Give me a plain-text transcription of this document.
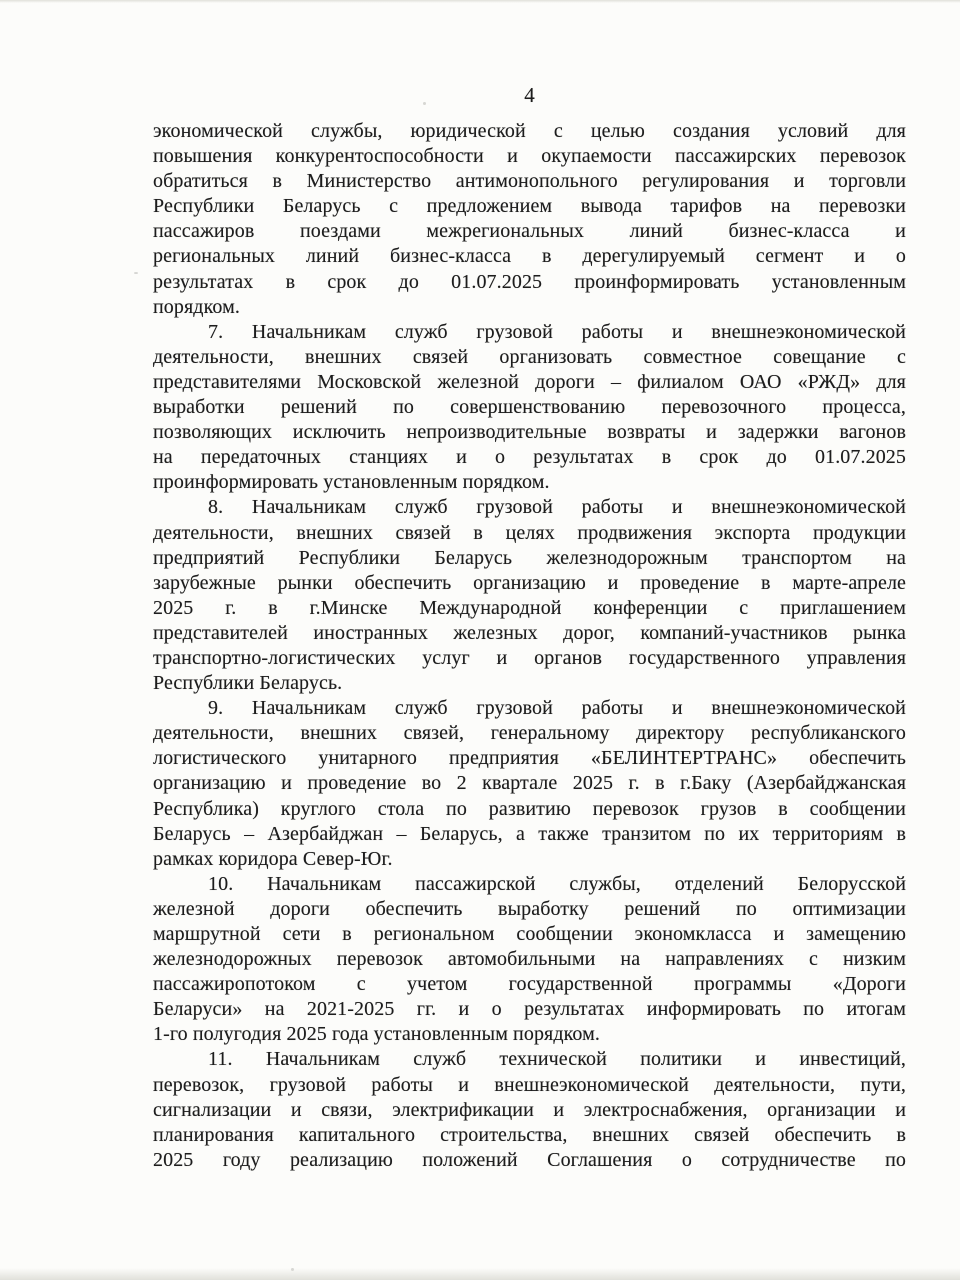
4
экономической службы, юридической с целью создания условий для
повышения конкурентоспособности и окупаемости пассажирских перевозок
обратиться в Министерство антимонопольного регулирования и торговли
Республики Беларусь с предложением вывода тарифов на перевозки
пассажиров поездами межрегиональных линий бизнес-класса и
региональных линий бизнес-класса в дерегулируемый сегмент и о
результатах в срок до 01.07.2025 проинформировать установленным
порядком.
7. Начальникам служб грузовой работы и внешнеэкономической
деятельности, внешних связей организовать совместное совещание с
представителями Московской железной дороги – филиалом ОАО «РЖД» для
выработки решений по совершенствованию перевозочного процесса,
позволяющих исключить непроизводительные возвраты и задержки вагонов
на передаточных станциях и о результатах в срок до 01.07.2025
проинформировать установленным порядком.
8. Начальникам служб грузовой работы и внешнеэкономической
деятельности, внешних связей в целях продвижения экспорта продукции
предприятий Республики Беларусь железнодорожным транспортом на
зарубежные рынки обеспечить организацию и проведение в марте-апреле
2025 г. в г.Минске Международной конференции с приглашением
представителей иностранных железных дорог, компаний-участников рынка
транспортно-логистических услуг и органов государственного управления
Республики Беларусь.
9. Начальникам служб грузовой работы и внешнеэкономической
деятельности, внешних связей, генеральному директору республиканского
логистического унитарного предприятия «БЕЛИНТЕРТРАНС» обеспечить
организацию и проведение во 2 квартале 2025 г. в г.Баку (Азербайджанская
Республика) круглого стола по развитию перевозок грузов в сообщении
Беларусь – Азербайджан – Беларусь, а также транзитом по их территориям в
рамках коридора Север-Юг.
10. Начальникам пассажирской службы, отделений Белорусской
железной дороги обеспечить выработку решений по оптимизации
маршрутной сети в региональном сообщении экономкласса и замещению
железнодорожных перевозок автомобильными на направлениях с низким
пассажиропотоком с учетом государственной программы «Дороги
Беларуси» на 2021-2025 гг. и о результатах информировать по итогам
1-го полугодия 2025 года установленным порядком.
11. Начальникам служб технической политики и инвестиций,
перевозок, грузовой работы и внешнеэкономической деятельности, пути,
сигнализации и связи, электрификации и электроснабжения, организации и
планирования капитального строительства, внешних связей обеспечить в
2025 году реализацию положений Соглашения о сотрудничестве по
